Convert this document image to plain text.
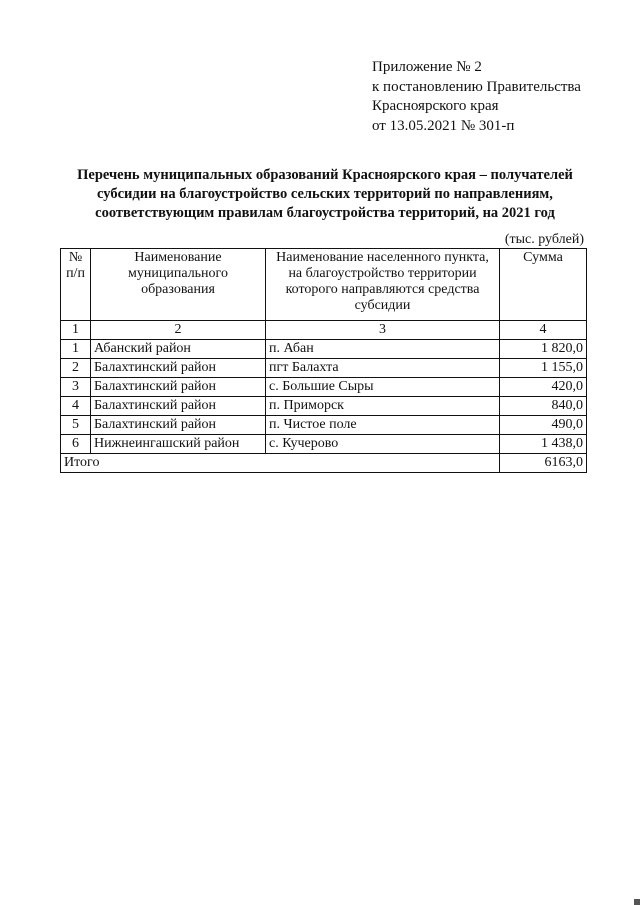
Приложение № 2
к постановлению Правительства
Красноярского края
от 13.05.2021 № 301-п
Перечень муниципальных образований Красноярского края – получателей
субсидии на благоустройство сельских территорий по направлениям,
соответствующим правилам благоустройства территорий, на 2021 год
(тыс. рублей)
№ п/п	Наименование муниципального образования	Наименование населенного пункта, на благоустройство территории которого направляются средства субсидии	Сумма
1	2	3	4
1	Абанский район	п. Абан	1 820,0
2	Балахтинский район	пгт Балахта	1 155,0
3	Балахтинский район	с. Большие Сыры	420,0
4	Балахтинский район	п. Приморск	840,0
5	Балахтинский район	п. Чистое поле	490,0
6	Нижнеингашский район	с. Кучерово	1 438,0
Итого			6163,0
